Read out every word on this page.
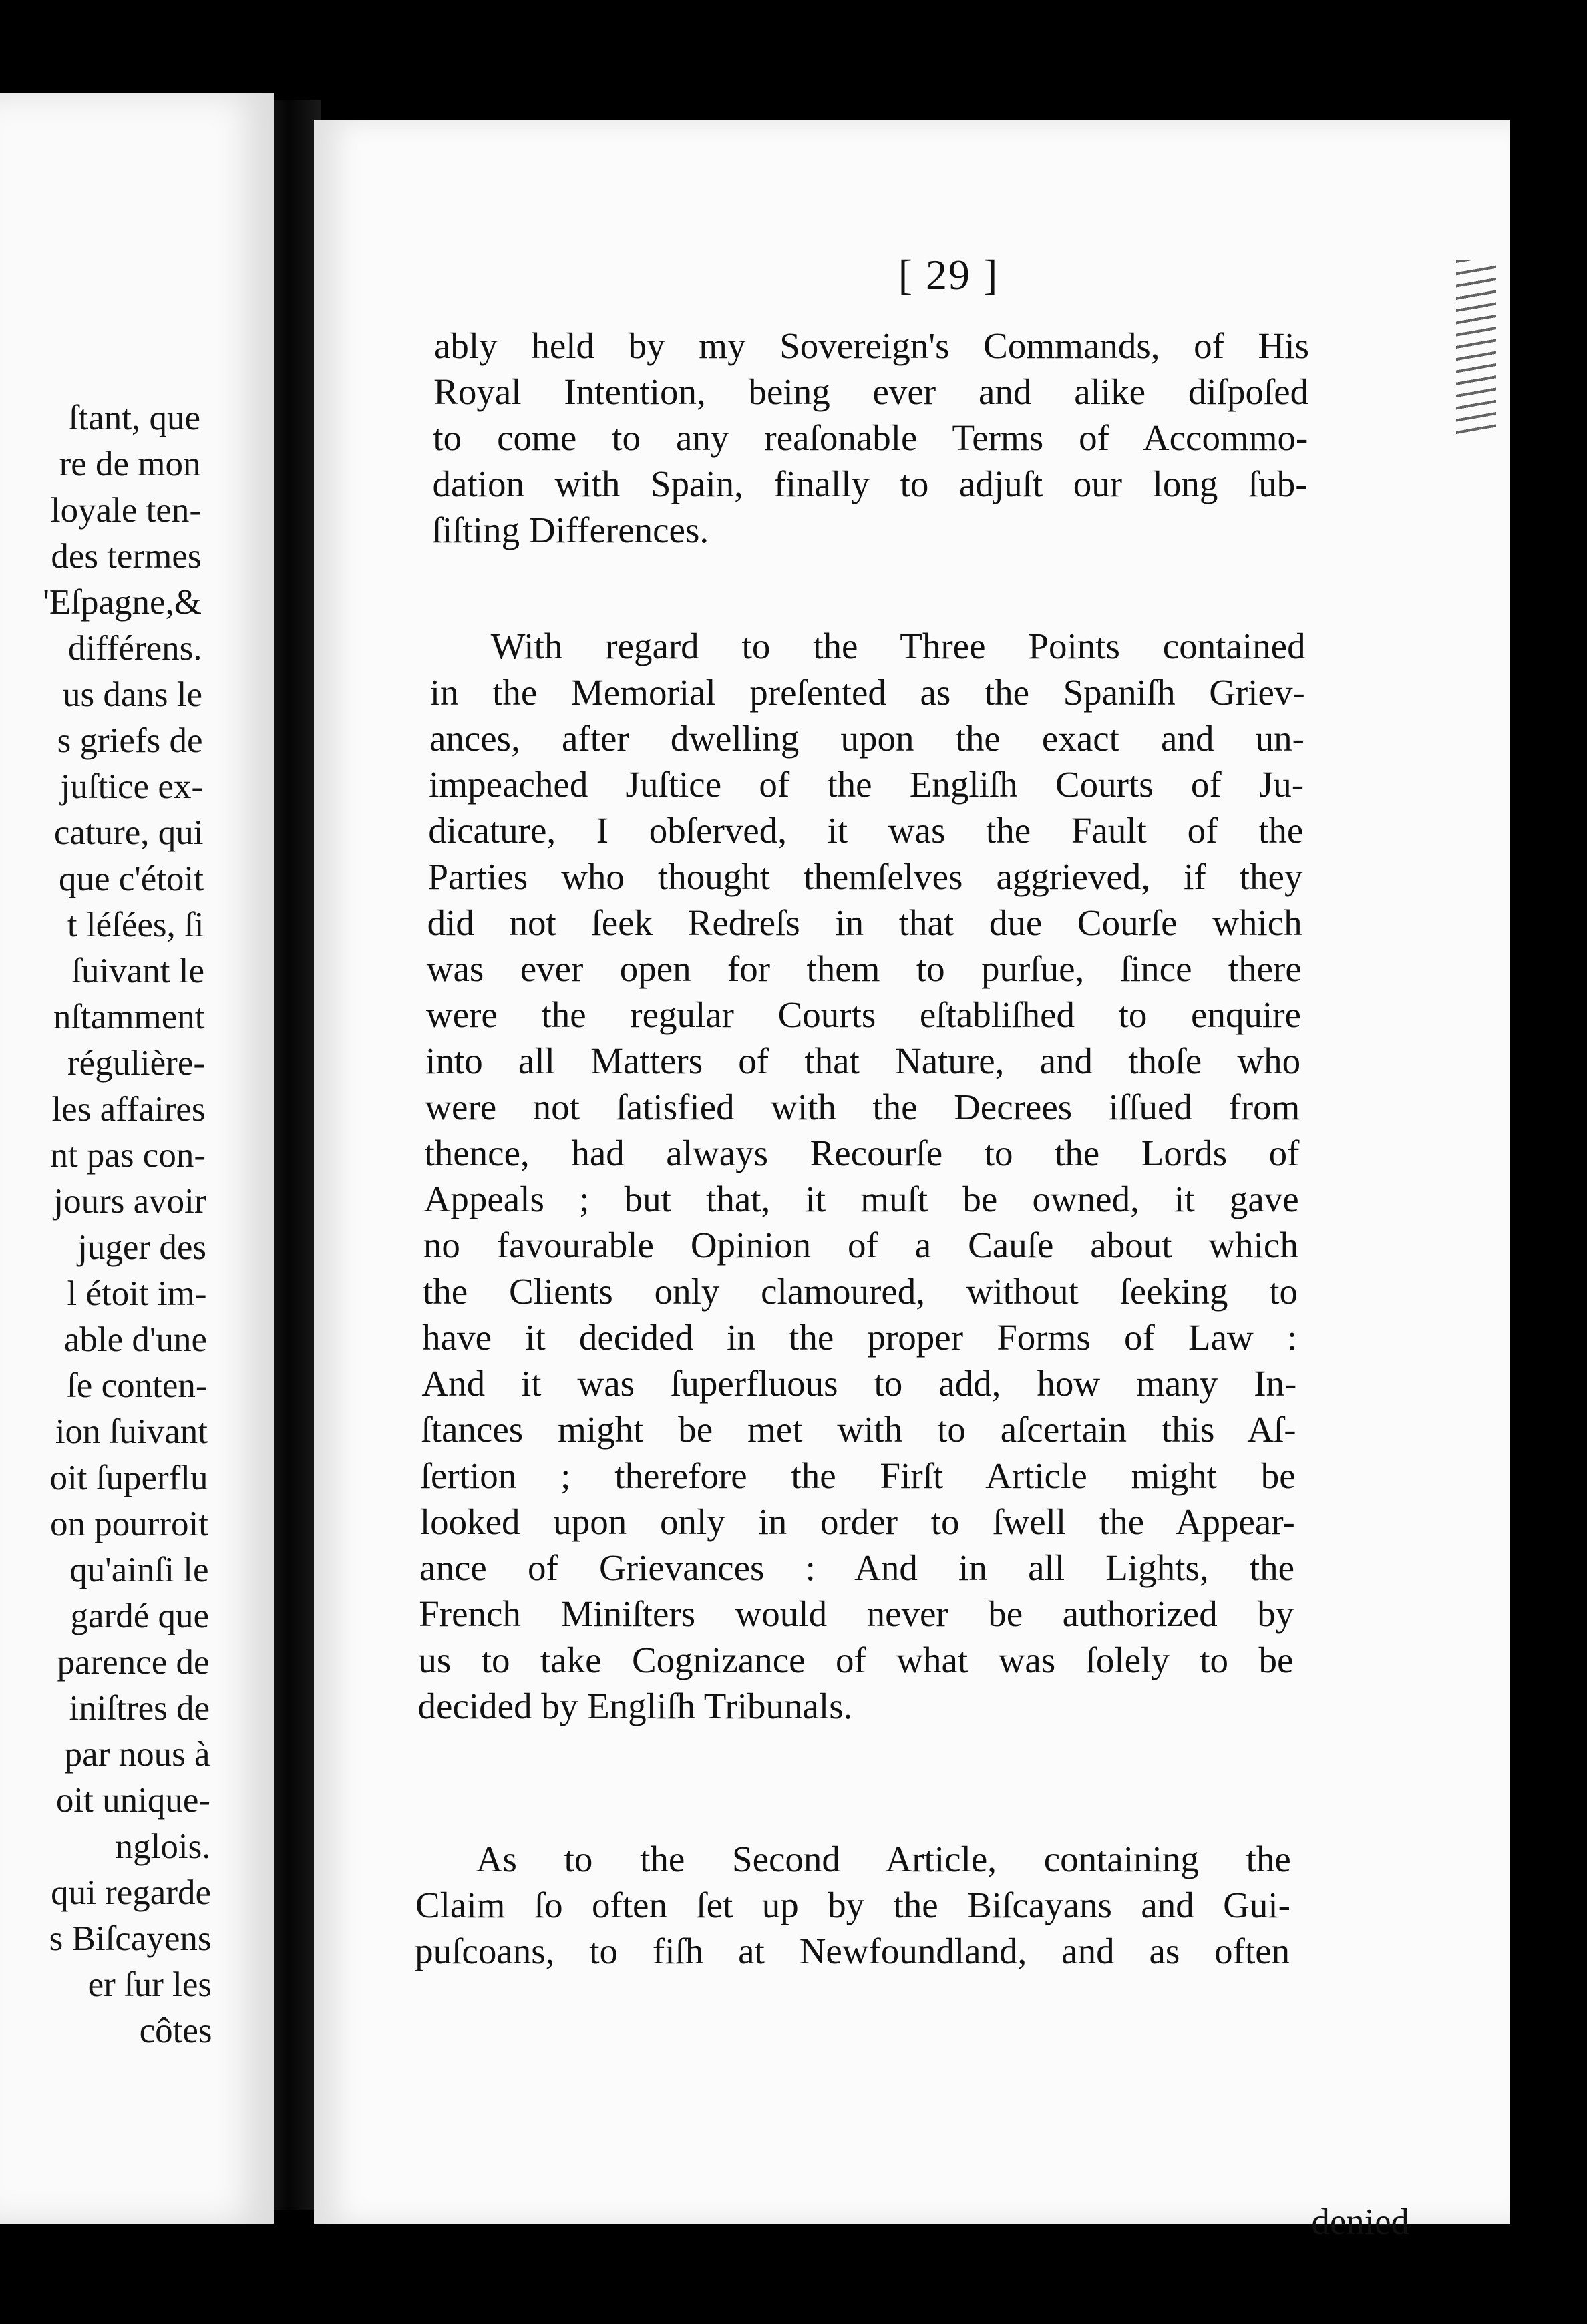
ſtant, que
re de mon
loyale ten-
des termes
'Eſpagne,&
différens.
us dans le
s griefs de
juſtice ex-
cature, qui
que c'étoit
t léſées, ſi
ſuivant le
nſtamment
régulière-
les affaires
nt pas con-
jours avoir
juger des
l étoit im-
able d'une
ſe conten-
ion ſuivant
oit ſuperflu
on pourroit
qu'ainſi le
gardé que
parence de
iniſtres de
par nous à
oit unique-
nglois.
qui regarde
s Biſcayens
er ſur les
côtes
[ 29 ]
ably held by my Sovereign's Commands, of His
Royal Intention, being ever and alike diſpoſed
to come to any reaſonable Terms of Accommo-
dation with Spain, finally to adjuſt our long ſub-
ſiſting Differences.
With regard to the Three Points contained
in the Memorial preſented as the Spaniſh Griev-
ances, after dwelling upon the exact and un-
impeached Juſtice of the Engliſh Courts of Ju-
dicature, I obſerved, it was the Fault of the
Parties who thought themſelves aggrieved, if they
did not ſeek Redreſs in that due Courſe which
was ever open for them to purſue, ſince there
were the regular Courts eſtabliſhed to enquire
into all Matters of that Nature, and thoſe who
were not ſatisfied with the Decrees iſſued from
thence, had always Recourſe to the Lords of
Appeals ; but that, it muſt be owned, it gave
no favourable Opinion of a Cauſe about which
the Clients only clamoured, without ſeeking to
have it decided in the proper Forms of Law :
And it was ſuperfluous to add, how many In-
ſtances might be met with to aſcertain this Aſ-
ſertion ; therefore the Firſt Article might be
looked upon only in order to ſwell the Appear-
ance of Grievances : And in all Lights, the
French Miniſters would never be authorized by
us to take Cognizance of what was ſolely to be
decided by Engliſh Tribunals.
As to the Second Article, containing the
Claim ſo often ſet up by the Biſcayans and Gui-
puſcoans, to fiſh at Newfoundland, and as often
denied
